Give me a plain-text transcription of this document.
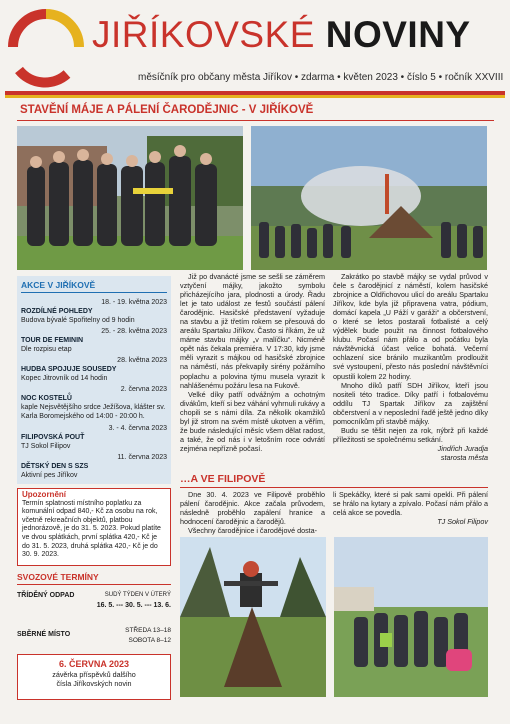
JIŘÍKOVSKÉ NOVINY
měsíčník pro občany města Jiříkov • zdarma • květen 2023 • číslo 5 • ročník XXVIII
STAVĚNÍ MÁJE A PÁLENÍ ČARODĚJNIC - V JIŘÍKOVĚ
AKCE V JIŘÍKOVĚ
18. - 19. května 2023
ROZDÍLNÉ POHLEDY
Budova bývalé Spořitelny od 9 hodin
25. - 28. května 2023
TOUR DE FEMININ
Dle rozpisu etap
28. května 2023
HUDBA SPOJUJE SOUSEDY
Kopec Jitrovník od 14 hodin
2. června 2023
NOC KOSTELŮ
kaple Nejsvětějšího srdce Ježíšova, klášter sv. Karla Boromejského od 14:00 - 20:00 h.
3. - 4. června 2023
FILIPOVSKÁ POUŤ
TJ Sokol Filipov
11. června 2023
DĚTSKÝ DEN S SZS
Aktivní pes Jiříkov
Upozornění
Termín splatnosti místního poplatku za komunální odpad 840,- Kč za osobu na rok, včetně rekreačních objektů, platbou jednorázově, je do 31. 5. 2023. Pokud platíte ve dvou splátkách, první splátka 420,- Kč je do 31. 5. 2023, druhá splátka 420,- Kč je do 30. 9. 2023.
SVOZOVÉ TERMÍNY
TŘÍDĚNÝ ODPAD	SUDÝ TÝDEN V ÚTERÝ
16. 5. --- 30. 5. --- 13. 6.
SBĚRNÉ MÍSTO
STŘEDA 13–18
SOBOTA 8–12
6. ČERVNA 2023
závěrka příspěvků dalšího
čísla Jiříkovských novin

Již po dvanácté jsme se sešli se záměrem vztyčení májky, jakožto symbolu přicházejícího jara, plodnosti a úrody. Řadu let je tato událost ze festů součástí pálení čarodějnic. Hasičské představení vyžaduje na stavbu a již třetím rokem se přesouvá do areálu Spartaku Jiříkov. Často si říkám, že už máme stavbu májky „v malíčku“. Nicméně opět nás čekala premiéra. V 17:30, kdy jsme měli vyrazit s májkou od hasičské zbrojnice na náměstí, nás překvapily sirény požárního poplachu a polovina týmu musela vyrazit k nahlášenému požáru lesa na Fukově.

Velké díky patří odvážným a ochotným divákům, kteří si bez váhání vyhrnuli rukávy a chopili se s námi díla. Za několik okamžiků byl již strom na svém místě ukotven a věřím, že bude následující měsíc všem dělat radost, a také, že od nás i v letošním roce odvrátí zejména nepřízně počasí.

Zakrátko po stavbě májky se vydal průvod v čele s čarodějnicí z náměstí, kolem hasičské zbrojnice a Oldřichovou ulicí do areálu Spartaku Jiříkov, kde byla již připravena vatra, pódium, domácí kapela „U Páží v garáži“ a občerstvení, o které se letos postarali fotbalisté a celý výdělek bude použit na činnost fotbalového klubu. Počasí nám přálo a od počátku byla návštěvnická účast velice bohatá. Večerní ochlazení sice bránilo muzikantům prodloužit své vystoupení, přesto nás poslední návštěvníci opustili kolem 22 hodiny.

Mnoho díků patří SDH Jiříkov, kteří jsou nositeli této tradice. Díky patří i fotbalovému oddílu TJ Spartak Jiříkov za zajištění občerstvení a v neposlední řadě ještě jedno díky pomocníkům při stavbě májky.

Budu se těšit nejen za rok, nýbrž při každé příležitosti se společnému setkání.

Jindřich Juradja

starosta města

…A VE FILIPOVĚ

Dne 30. 4. 2023 ve Filipově proběhlo pálení čarodějnic. Akce začala průvodem, následně proběhlo zapálení hranice a hodnocení čarodějnic a čarodějů.

Všechny čarodějnice i čarodějové dosta-

li Spekáčky, které si pak sami opekli. Při pálení se hrálo na kytary a zpívalo. Počasí nám přálo a celá akce se povedla.

TJ Sokol Filipov
